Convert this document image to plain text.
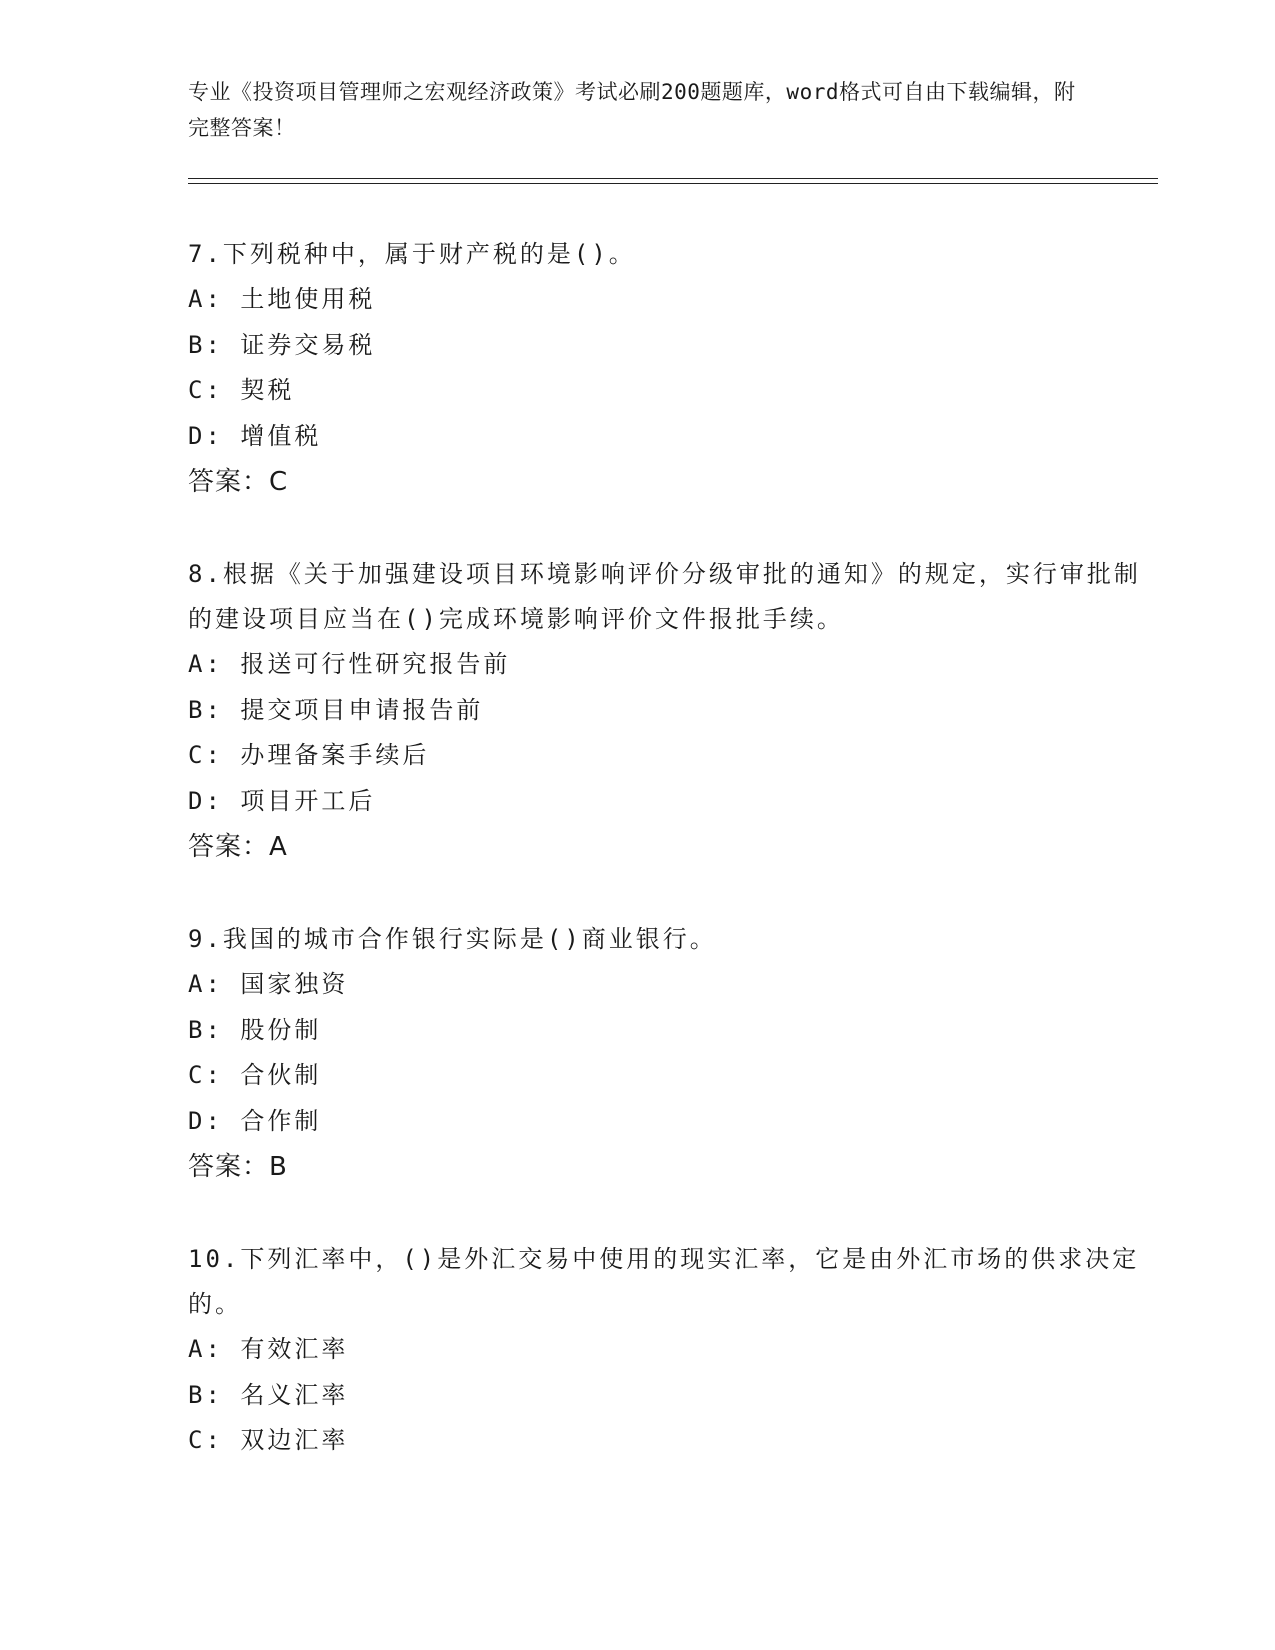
专业《投资项目管理师之宏观经济政策》考试必刷200题题库，word格式可自由下载编辑，附完整答案！

7.下列税种中，属于财产税的是()。

A: 土地使用税
B: 证券交易税
C: 契税
D: 增值税
答案：C

8.根据《关于加强建设项目环境影响评价分级审批的通知》的规定，实行审批制的建设项目应当在()完成环境影响评价文件报批手续。

A: 报送可行性研究报告前
B: 提交项目申请报告前
C: 办理备案手续后
D: 项目开工后
答案：A

9.我国的城市合作银行实际是()商业银行。

A: 国家独资
B: 股份制
C: 合伙制
D: 合作制
答案：B

10.下列汇率中，()是外汇交易中使用的现实汇率，它是由外汇市场的供求决定的。

A: 有效汇率
B: 名义汇率
C: 双边汇率
